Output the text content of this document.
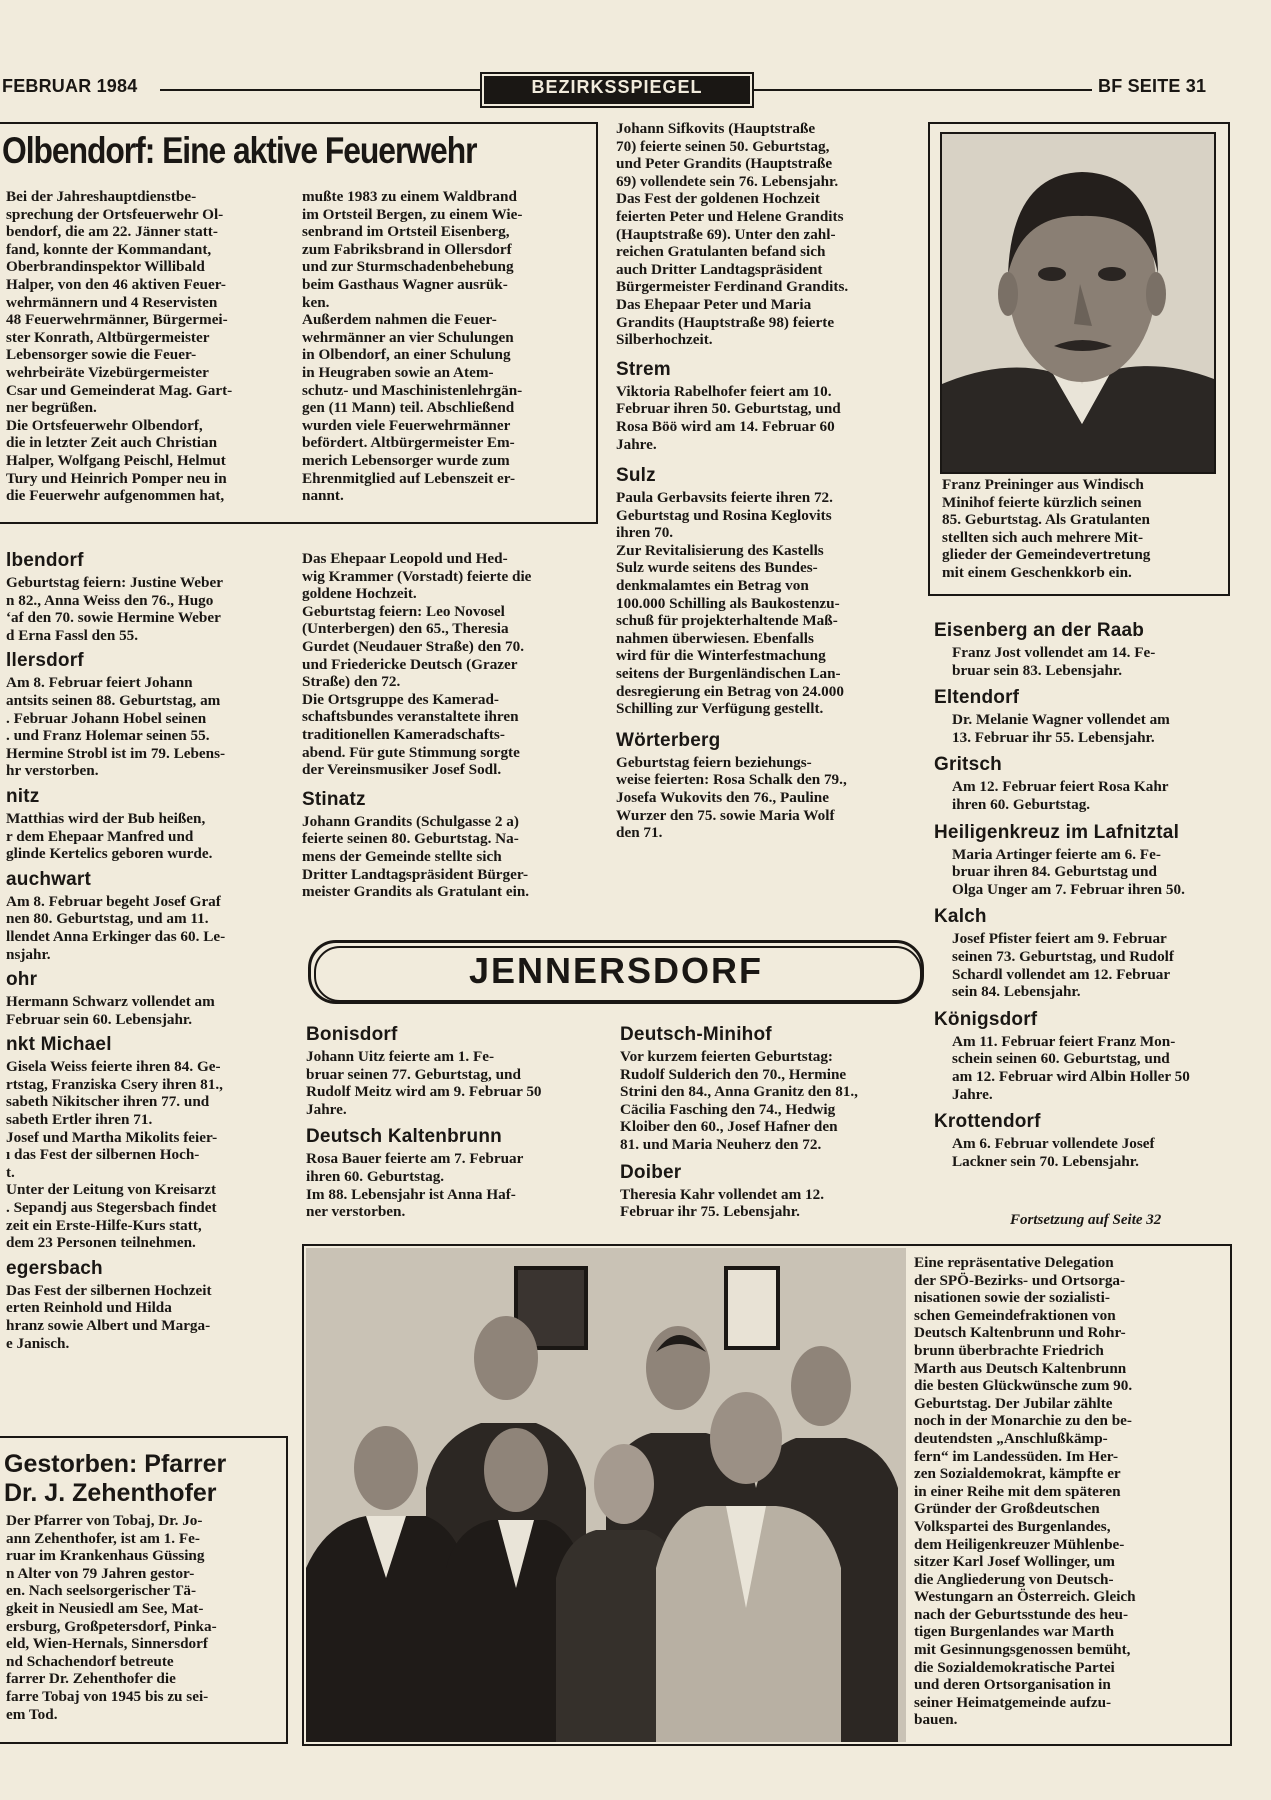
FEBRUAR 1984	BEZIRKSSPIEGEL	BF SEITE 31
Olbendorf: Eine aktive Feuerwehr
Bei der Jahreshauptdienstbe-
sprechung der Ortsfeuerwehr Ol-
bendorf, die am 22. Jänner statt-
fand, konnte der Kommandant,
Oberbrandinspektor Willibald
Halper, von den 46 aktiven Feuer-
wehrmännern und 4 Reservisten
48 Feuerwehrmänner, Bürgermei-
ster Konrath, Altbürgermeister
Lebensorger sowie die Feuer-
wehrbeiräte Vizebürgermeister
Csar und Gemeinderat Mag. Gart-
ner begrüßen.
Die Ortsfeuerwehr Olbendorf,
die in letzter Zeit auch Christian
Halper, Wolfgang Peischl, Helmut
Tury und Heinrich Pomper neu in
die Feuerwehr aufgenommen hat,
mußte 1983 zu einem Waldbrand
im Ortsteil Bergen, zu einem Wie-
senbrand im Ortsteil Eisenberg,
zum Fabriksbrand in Ollersdorf
und zur Sturmschadenbehebung
beim Gasthaus Wagner ausrük-
ken.
Außerdem nahmen die Feuer-
wehrmänner an vier Schulungen
in Olbendorf, an einer Schulung
in Heugraben sowie an Atem-
schutz- und Maschinistenlehrgän-
gen (11 Mann) teil. Abschließend
wurden viele Feuerwehrmänner
befördert. Altbürgermeister Em-
merich Lebensorger wurde zum
Ehrenmitglied auf Lebenszeit er-
nannt.
lbendorf
Geburtstag feiern: Justine Weber
n 82., Anna Weiss den 76., Hugo
‘af den 70. sowie Hermine Weber
d Erna Fassl den 55.
llersdorf
Am 8. Februar feiert Johann
antsits seinen 88. Geburtstag, am
. Februar Johann Hobel seinen
. und Franz Holemar seinen 55.
Hermine Strobl ist im 79. Lebens-
hr verstorben.
nitz
Matthias wird der Bub heißen,
r dem Ehepaar Manfred und
glinde Kertelics geboren wurde.
auchwart
Am 8. Februar begeht Josef Graf
nen 80. Geburtstag, und am 11.
llendet Anna Erkinger das 60. Le-
nsjahr.
ohr
Hermann Schwarz vollendet am
Februar sein 60. Lebensjahr.
nkt Michael
Gisela Weiss feierte ihren 84. Ge-
rtstag, Franziska Csery ihren 81.,
sabeth Nikitscher ihren 77. und
sabeth Ertler ihren 71.
Josef und Martha Mikolits feier-
ı das Fest der silbernen Hoch-
t.
Unter der Leitung von Kreisarzt
. Sepandj aus Stegersbach findet
zeit ein Erste-Hilfe-Kurs statt,
dem 23 Personen teilnehmen.
egersbach
Das Fest der silbernen Hochzeit
erten Reinhold und Hilda
hranz sowie Albert und Marga-
e Janisch.
Gestorben: Pfarrer
Dr. J. Zehenthofer
Der Pfarrer von Tobaj, Dr. Jo-
ann Zehenthofer, ist am 1. Fe-
ruar im Krankenhaus Güssing
n Alter von 79 Jahren gestor-
en. Nach seelsorgerischer Tä-
gkeit in Neusiedl am See, Mat-
ersburg, Großpetersdorf, Pinka-
eld, Wien-Hernals, Sinnersdorf
nd Schachendorf betreute
farrer Dr. Zehenthofer die
farre Tobaj von 1945 bis zu sei-
em Tod.
Das Ehepaar Leopold und Hed-
wig Krammer (Vorstadt) feierte die
goldene Hochzeit.
Geburtstag feiern: Leo Novosel
(Unterbergen) den 65., Theresia
Gurdet (Neudauer Straße) den 70.
und Friedericke Deutsch (Grazer
Straße) den 72.
Die Ortsgruppe des Kamerad-
schaftsbundes veranstaltete ihren
traditionellen Kameradschafts-
abend. Für gute Stimmung sorgte
der Vereinsmusiker Josef Sodl.
Stinatz
Johann Grandits (Schulgasse 2 a)
feierte seinen 80. Geburtstag. Na-
mens der Gemeinde stellte sich
Dritter Landtagspräsident Bürger-
meister Grandits als Gratulant ein.
Johann Sifkovits (Hauptstraße
70) feierte seinen 50. Geburtstag,
und Peter Grandits (Hauptstraße
69) vollendete sein 76. Lebensjahr.
Das Fest der goldenen Hochzeit
feierten Peter und Helene Grandits
(Hauptstraße 69). Unter den zahl-
reichen Gratulanten befand sich
auch Dritter Landtagspräsident
Bürgermeister Ferdinand Grandits.
Das Ehepaar Peter und Maria
Grandits (Hauptstraße 98) feierte
Silberhochzeit.
Strem
Viktoria Rabelhofer feiert am 10.
Februar ihren 50. Geburtstag, und
Rosa Böö wird am 14. Februar 60
Jahre.
Sulz
Paula Gerbavsits feierte ihren 72.
Geburtstag und Rosina Keglovits
ihren 70.
Zur Revitalisierung des Kastells
Sulz wurde seitens des Bundes-
denkmalamtes ein Betrag von
100.000 Schilling als Baukostenzu-
schuß für projekterhaltende Maß-
nahmen überwiesen. Ebenfalls
wird für die Winterfestmachung
seitens der Burgenländischen Lan-
desregierung ein Betrag von 24.000
Schilling zur Verfügung gestellt.
Wörterberg
Geburtstag feiern beziehungs-
weise feierten: Rosa Schalk den 79.,
Josefa Wukovits den 76., Pauline
Wurzer den 75. sowie Maria Wolf
den 71.
Franz Preininger aus Windisch
Minihof feierte kürzlich seinen
85. Geburtstag. Als Gratulanten
stellten sich auch mehrere Mit-
glieder der Gemeindevertretung
mit einem Geschenkkorb ein.
Eisenberg an der Raab
Franz Jost vollendet am 14. Fe-
bruar sein 83. Lebensjahr.
Eltendorf
Dr. Melanie Wagner vollendet am
13. Februar ihr 55. Lebensjahr.
Gritsch
Am 12. Februar feiert Rosa Kahr
ihren 60. Geburtstag.
Heiligenkreuz im Lafnitztal
Maria Artinger feierte am 6. Fe-
bruar ihren 84. Geburtstag und
Olga Unger am 7. Februar ihren 50.
Kalch
Josef Pfister feiert am 9. Februar
seinen 73. Geburtstag, und Rudolf
Schardl vollendet am 12. Februar
sein 84. Lebensjahr.
Königsdorf
Am 11. Februar feiert Franz Mon-
schein seinen 60. Geburtstag, und
am 12. Februar wird Albin Holler 50
Jahre.
Krottendorf
Am 6. Februar vollendete Josef
Lackner sein 70. Lebensjahr.
Fortsetzung auf Seite 32
JENNERSDORF
Bonisdorf
Johann Uitz feierte am 1. Fe-
bruar seinen 77. Geburtstag, und
Rudolf Meitz wird am 9. Februar 50
Jahre.
Deutsch Kaltenbrunn
Rosa Bauer feierte am 7. Februar
ihren 60. Geburtstag.
Im 88. Lebensjahr ist Anna Haf-
ner verstorben.
Deutsch-Minihof
Vor kurzem feierten Geburtstag:
Rudolf Sulderich den 70., Hermine
Strini den 84., Anna Granitz den 81.,
Cäcilia Fasching den 74., Hedwig
Kloiber den 60., Josef Hafner den
81. und Maria Neuherz den 72.
Doiber
Theresia Kahr vollendet am 12.
Februar ihr 75. Lebensjahr.
Eine repräsentative Delegation
der SPÖ-Bezirks- und Ortsorga-
nisationen sowie der sozialisti-
schen Gemeindefraktionen von
Deutsch Kaltenbrunn und Rohr-
brunn überbrachte Friedrich
Marth aus Deutsch Kaltenbrunn
die besten Glückwünsche zum 90.
Geburtstag. Der Jubilar zählte
noch in der Monarchie zu den be-
deutendsten „Anschlußkämp-
fern“ im Landessüden. Im Her-
zen Sozialdemokrat, kämpfte er
in einer Reihe mit dem späteren
Gründer der Großdeutschen
Volkspartei des Burgenlandes,
dem Heiligenkreuzer Mühlenbe-
sitzer Karl Josef Wollinger, um
die Angliederung von Deutsch-
Westungarn an Österreich. Gleich
nach der Geburtsstunde des heu-
tigen Burgenlandes war Marth
mit Gesinnungsgenossen bemüht,
die Sozialdemokratische Partei
und deren Ortsorganisation in
seiner Heimatgemeinde aufzu-
bauen.
